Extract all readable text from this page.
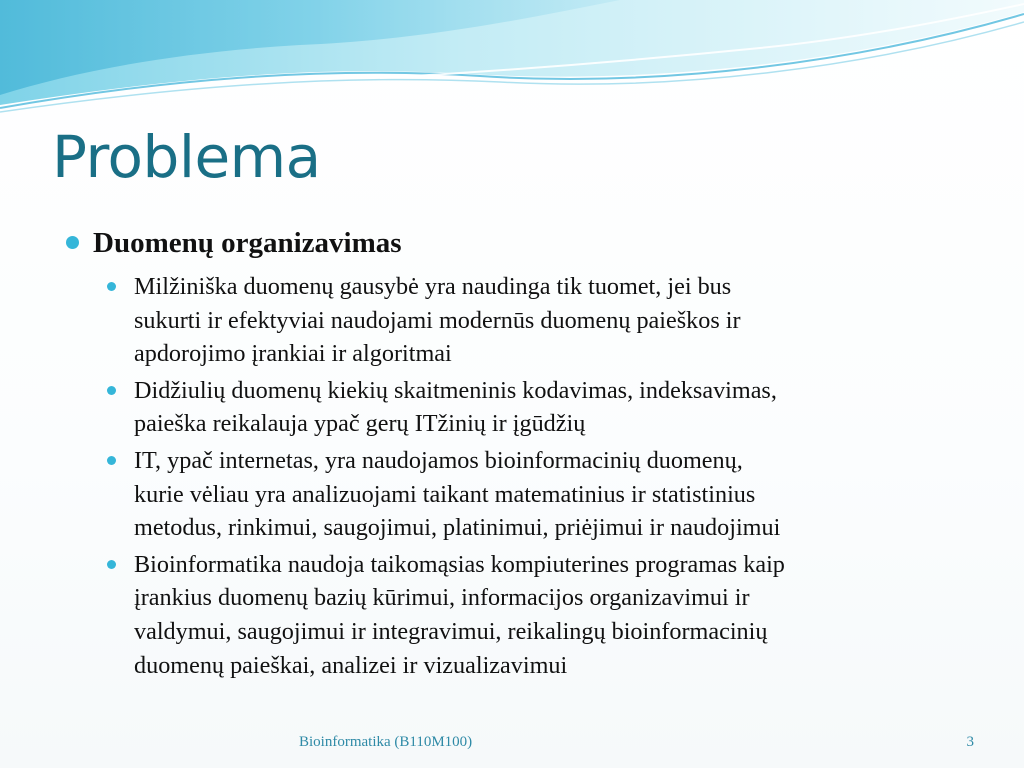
Problema
Duomenų organizavimas
Milžiniška duomenų gausybė yra naudinga tik tuomet, jei bus
sukurti ir efektyviai naudojami modernūs duomenų paieškos ir
apdorojimo įrankiai ir algoritmai
Didžiulių duomenų kiekių skaitmeninis kodavimas, indeksavimas,
paieška reikalauja ypač gerų ITžinių ir įgūdžių
IT, ypač internetas, yra naudojamos bioinformacinių duomenų,
kurie vėliau yra analizuojami taikant matematinius ir statistinius
metodus, rinkimui, saugojimui, platinimui, priėjimui ir naudojimui
Bioinformatika naudoja taikomąsias kompiuterines programas kaip
įrankius duomenų bazių kūrimui, informacijos organizavimui ir
valdymui, saugojimui ir integravimui, reikalingų bioinformacinių
duomenų paieškai, analizei ir vizualizavimui
Bioinformatika (B110M100)	3
